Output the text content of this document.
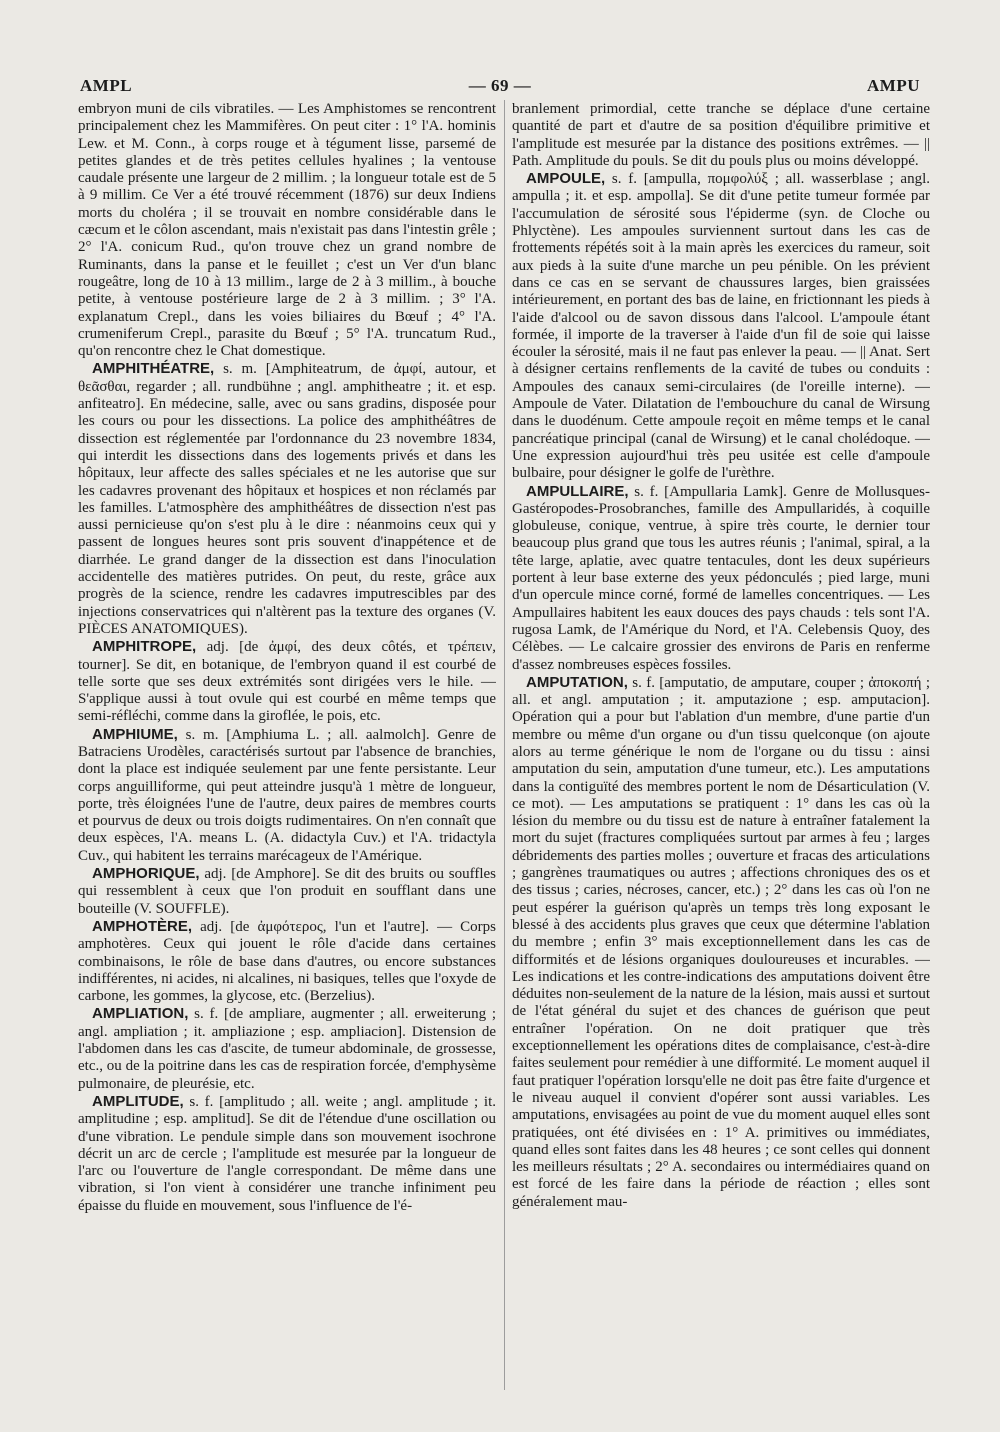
AMPL	— 69 —	AMPU

embryon muni de cils vibratiles. — Les Amphistomes se rencontrent principalement chez les Mammifères. On peut citer : 1° l'A. hominis Lew. et M. Conn., à corps rouge et à tégument lisse, parsemé de petites glandes et de très petites cellules hyalines ; la ventouse caudale présente une largeur de 2 millim. ; la longueur totale est de 5 à 9 millim. Ce Ver a été trouvé récemment (1876) sur deux Indiens morts du choléra ; il se trouvait en nombre considérable dans le cæcum et le côlon ascendant, mais n'existait pas dans l'intestin grêle ; 2° l'A. conicum Rud., qu'on trouve chez un grand nombre de Ruminants, dans la panse et le feuillet ; c'est un Ver d'un blanc rougeâtre, long de 10 à 13 millim., large de 2 à 3 millim., à bouche petite, à ventouse postérieure large de 2 à 3 millim. ; 3° l'A. explanatum Crepl., dans les voies biliaires du Bœuf ; 4° l'A. crumeniferum Crepl., parasite du Bœuf ; 5° l'A. truncatum Rud., qu'on rencontre chez le Chat domestique.

AMPHITHÉATRE, s. m. [Amphiteatrum, de ἀμφί, autour, et θεᾶσθαι, regarder ; all. rundbühne ; angl. amphitheatre ; it. et esp. anfiteatro]. En médecine, salle, avec ou sans gradins, disposée pour les cours ou pour les dissections. La police des amphithéâtres de dissection est réglementée par l'ordonnance du 23 novembre 1834, qui interdit les dissections dans des logements privés et dans les hôpitaux, leur affecte des salles spéciales et ne les autorise que sur les cadavres provenant des hôpitaux et hospices et non réclamés par les familles. L'atmosphère des amphithéâtres de dissection n'est pas aussi pernicieuse qu'on s'est plu à le dire : néanmoins ceux qui y passent de longues heures sont pris souvent d'inappétence et de diarrhée. Le grand danger de la dissection est dans l'inoculation accidentelle des matières putrides. On peut, du reste, grâce aux progrès de la science, rendre les cadavres imputrescibles par des injections conservatrices qui n'altèrent pas la texture des organes (V. PIÈCES ANATOMIQUES).

AMPHITROPE, adj. [de ἀμφί, des deux côtés, et τρέπειν, tourner]. Se dit, en botanique, de l'embryon quand il est courbé de telle sorte que ses deux extrémités sont dirigées vers le hile. — S'applique aussi à tout ovule qui est courbé en même temps que semi-réfléchi, comme dans la giroflée, le pois, etc.

AMPHIUME, s. m. [Amphiuma L. ; all. aalmolch]. Genre de Batraciens Urodèles, caractérisés surtout par l'absence de branchies, dont la place est indiquée seulement par une fente persistante. Leur corps anguilliforme, qui peut atteindre jusqu'à 1 mètre de longueur, porte, très éloignées l'une de l'autre, deux paires de membres courts et pourvus de deux ou trois doigts rudimentaires. On n'en connaît que deux espèces, l'A. means L. (A. didactyla Cuv.) et l'A. tridactyla Cuv., qui habitent les terrains marécageux de l'Amérique.

AMPHORIQUE, adj. [de Amphore]. Se dit des bruits ou souffles qui ressemblent à ceux que l'on produit en soufflant dans une bouteille (V. SOUFFLE).

AMPHOTÈRE, adj. [de ἀμφότερος, l'un et l'autre]. — Corps amphotères. Ceux qui jouent le rôle d'acide dans certaines combinaisons, le rôle de base dans d'autres, ou encore substances indifférentes, ni acides, ni alcalines, ni basiques, telles que l'oxyde de carbone, les gommes, la glycose, etc. (Berzelius).

AMPLIATION, s. f. [de ampliare, augmenter ; all. erweiterung ; angl. ampliation ; it. ampliazione ; esp. ampliacion]. Distension de l'abdomen dans les cas d'ascite, de tumeur abdominale, de grossesse, etc., ou de la poitrine dans les cas de respiration forcée, d'emphysème pulmonaire, de pleurésie, etc.

AMPLITUDE, s. f. [amplitudo ; all. weite ; angl. amplitude ; it. amplitudine ; esp. amplitud]. Se dit de l'étendue d'une oscillation ou d'une vibration. Le pendule simple dans son mouvement isochrone décrit un arc de cercle ; l'amplitude est mesurée par la longueur de l'arc ou l'ouverture de l'angle correspondant. De même dans une vibration, si l'on vient à considérer une tranche infiniment peu épaisse du fluide en mouvement, sous l'influence de l'é-

branlement primordial, cette tranche se déplace d'une certaine quantité de part et d'autre de sa position d'équilibre primitive et l'amplitude est mesurée par la distance des positions extrêmes. — || Path. Amplitude du pouls. Se dit du pouls plus ou moins développé.

AMPOULE, s. f. [ampulla, πομφολύξ ; all. wasserblase ; angl. ampulla ; it. et esp. ampolla]. Se dit d'une petite tumeur formée par l'accumulation de sérosité sous l'épiderme (syn. de Cloche ou Phlyctène). Les ampoules surviennent surtout dans les cas de frottements répétés soit à la main après les exercices du rameur, soit aux pieds à la suite d'une marche un peu pénible. On les prévient dans ce cas en se servant de chaussures larges, bien graissées intérieurement, en portant des bas de laine, en frictionnant les pieds à l'aide d'alcool ou de savon dissous dans l'alcool. L'ampoule étant formée, il importe de la traverser à l'aide d'un fil de soie qui laisse écouler la sérosité, mais il ne faut pas enlever la peau. — || Anat. Sert à désigner certains renflements de la cavité de tubes ou conduits : Ampoules des canaux semi-circulaires (de l'oreille interne). — Ampoule de Vater. Dilatation de l'embouchure du canal de Wirsung dans le duodénum. Cette ampoule reçoit en même temps et le canal pancréatique principal (canal de Wirsung) et le canal cholédoque. — Une expression aujourd'hui très peu usitée est celle d'ampoule bulbaire, pour désigner le golfe de l'urèthre.

AMPULLAIRE, s. f. [Ampullaria Lamk]. Genre de Mollusques-Gastéropodes-Prosobranches, famille des Ampullaridés, à coquille globuleuse, conique, ventrue, à spire très courte, le dernier tour beaucoup plus grand que tous les autres réunis ; l'animal, spiral, a la tête large, aplatie, avec quatre tentacules, dont les deux supérieurs portent à leur base externe des yeux pédonculés ; pied large, muni d'un opercule mince corné, formé de lamelles concentriques. — Les Ampullaires habitent les eaux douces des pays chauds : tels sont l'A. rugosa Lamk, de l'Amérique du Nord, et l'A. Celebensis Quoy, des Célèbes. — Le calcaire grossier des environs de Paris en renferme d'assez nombreuses espèces fossiles.

AMPUTATION, s. f. [amputatio, de amputare, couper ; ἀποκοπή ; all. et angl. amputation ; it. amputazione ; esp. amputacion]. Opération qui a pour but l'ablation d'un membre, d'une partie d'un membre ou même d'un organe ou d'un tissu quelconque (on ajoute alors au terme générique le nom de l'organe ou du tissu : ainsi amputation du sein, amputation d'une tumeur, etc.). Les amputations dans la contiguïté des membres portent le nom de Désarticulation (V. ce mot). — Les amputations se pratiquent : 1° dans les cas où la lésion du membre ou du tissu est de nature à entraîner fatalement la mort du sujet (fractures compliquées surtout par armes à feu ; larges débridements des parties molles ; ouverture et fracas des articulations ; gangrènes traumatiques ou autres ; affections chroniques des os et des tissus ; caries, nécroses, cancer, etc.) ; 2° dans les cas où l'on ne peut espérer la guérison qu'après un temps très long exposant le blessé à des accidents plus graves que ceux que détermine l'ablation du membre ; enfin 3° mais exceptionnellement dans les cas de difformités et de lésions organiques douloureuses et incurables. — Les indications et les contre-indications des amputations doivent être déduites non-seulement de la nature de la lésion, mais aussi et surtout de l'état général du sujet et des chances de guérison que peut entraîner l'opération. On ne doit pratiquer que très exceptionnellement les opérations dites de complaisance, c'est-à-dire faites seulement pour remédier à une difformité. Le moment auquel il faut pratiquer l'opération lorsqu'elle ne doit pas être faite d'urgence et le niveau auquel il convient d'opérer sont aussi variables. Les amputations, envisagées au point de vue du moment auquel elles sont pratiquées, ont été divisées en : 1° A. primitives ou immédiates, quand elles sont faites dans les 48 heures ; ce sont celles qui donnent les meilleurs résultats ; 2° A. secondaires ou intermédiaires quand on est forcé de les faire dans la période de réaction ; elles sont généralement mau-
